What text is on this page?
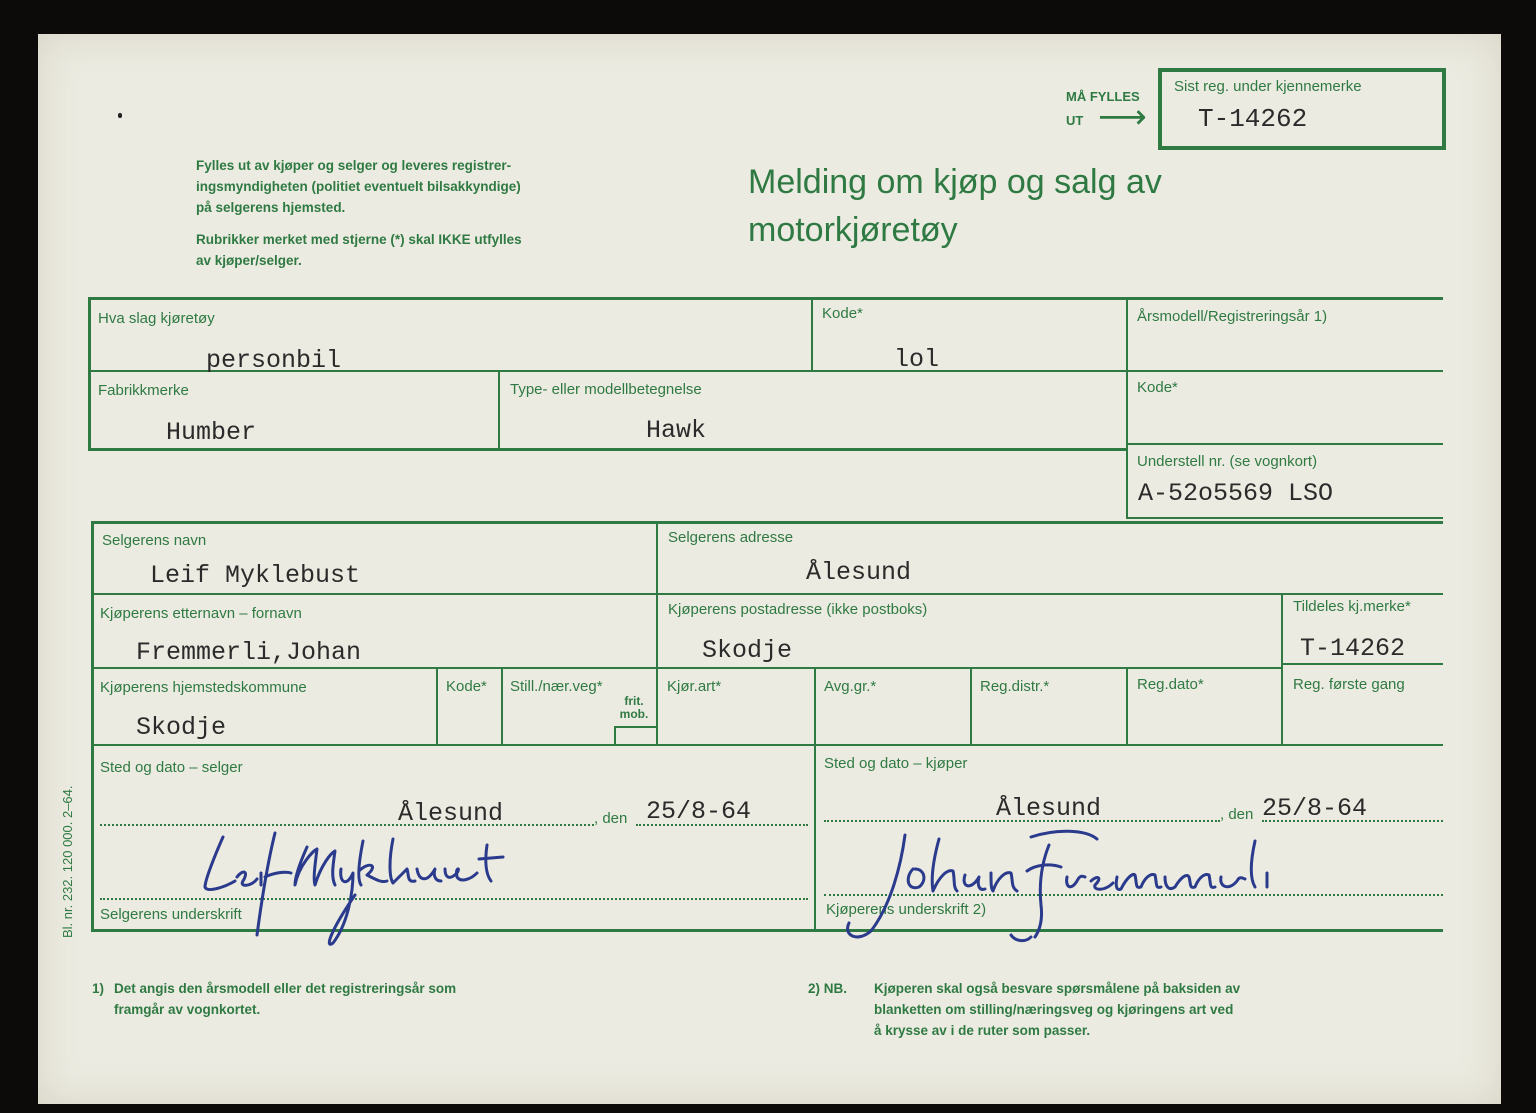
MÅ FYLLES
UT ⟶
Sist reg. under kjennemerke
T-14262
Fylles ut av kjøper og selger og leveres registrer-
ingsmyndigheten (politiet eventuelt bilsakkyndige)
på selgerens hjemsted.
Rubrikker merket med stjerne (*) skal IKKE utfylles
av kjøper/selger.
Melding om kjøp og salg av
motorkjøretøy
Hva slag kjøretøy
personbil
Kode*
lol
Årsmodell/Registreringsår 1)
Fabrikkmerke
Humber
Type- eller modellbetegnelse
Hawk
Kode*
Understell nr. (se vognkort)
A-52o5569 LSO
Selgerens navn
Leif Myklebust
Selgerens adresse
Ålesund
Kjøperens etternavn – fornavn
Fremmerli,Johan
Kjøperens postadresse (ikke postboks)
Skodje
Tildeles kj.merke*
T-14262
Kjøperens hjemstedskommune
Skodje
Kode* Still./nær.veg*
frit.
mob.
Kjør.art*	Avg.gr.*	Reg.distr.*	Reg.dato*	Reg. første gang
Sted og dato – selger
Ålesund	, den 25/8-64
Selgerens underskrift
Sted og dato – kjøper
Ålesund	, den 25/8-64
Kjøperens underskrift 2)
Bl. nr. 232. 120 000. 2–64.
1) Det angis den årsmodell eller det registreringsår som
framgår av vognkortet.
2) NB. Kjøperen skal også besvare spørsmålene på baksiden av
blanketten om stilling/næringsveg og kjøringens art ved
å krysse av i de ruter som passer.
